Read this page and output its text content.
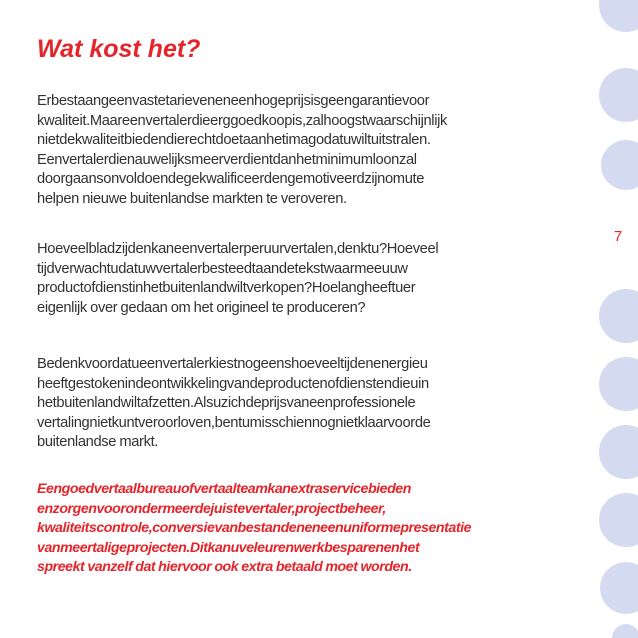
Wat kost het?
Erbestaangeenvastetarieveneneenhogeprijsisgeengarantievoor
kwaliteit.Maareenvertalerdieerggoedkoopis,zalhoogstwaarschijnlijk
nietdekwaliteitbiedendierechtdoetaanhetimagodatuwiltuitstralen.
Eenvertalerdienauwelijksmeerverdientdanhetminimumloonzal
doorgaansonvoldoendegekwalificeerdengemotiveerdzijnomute
helpen nieuwe buitenlandse markten te veroveren.
Hoeveelbladzijdenkaneenvertalerperuurvertalen,denktu?Hoeveel
tijdverwachtudatuwvertalerbesteedtaandetekstwaarmeeuuw
productofdienstinhetbuitenlandwiltverkopen?Hoelangheeftuer
eigenlijk over gedaan om het origineel te produceren?
Bedenkvoordatueenvertalerkiestnogeenshoeveeltijdenenergieu
heeftgestokenindeontwikkelingvandeproductenofdienstendieuin
hetbuitenlandwiltafzetten.Alsuzichdeprijsvaneenprofessionele
vertalingnietkuntveroorloven,bentumisschiennognietklaarvoorde
buitenlandse markt.
Eengoedvertaalbureauofvertaalteamkanextraservicebieden
enzorgenvoorondermeerdejuistevertaler,projectbeheer,
kwaliteitscontrole,conversievanbestandeneneenuniformepresentatie
vanmeertaligeprojecten.Ditkanuveleurenwerkbesparenenhet
spreekt vanzelf dat hiervoor ook extra betaald moet worden.
7
